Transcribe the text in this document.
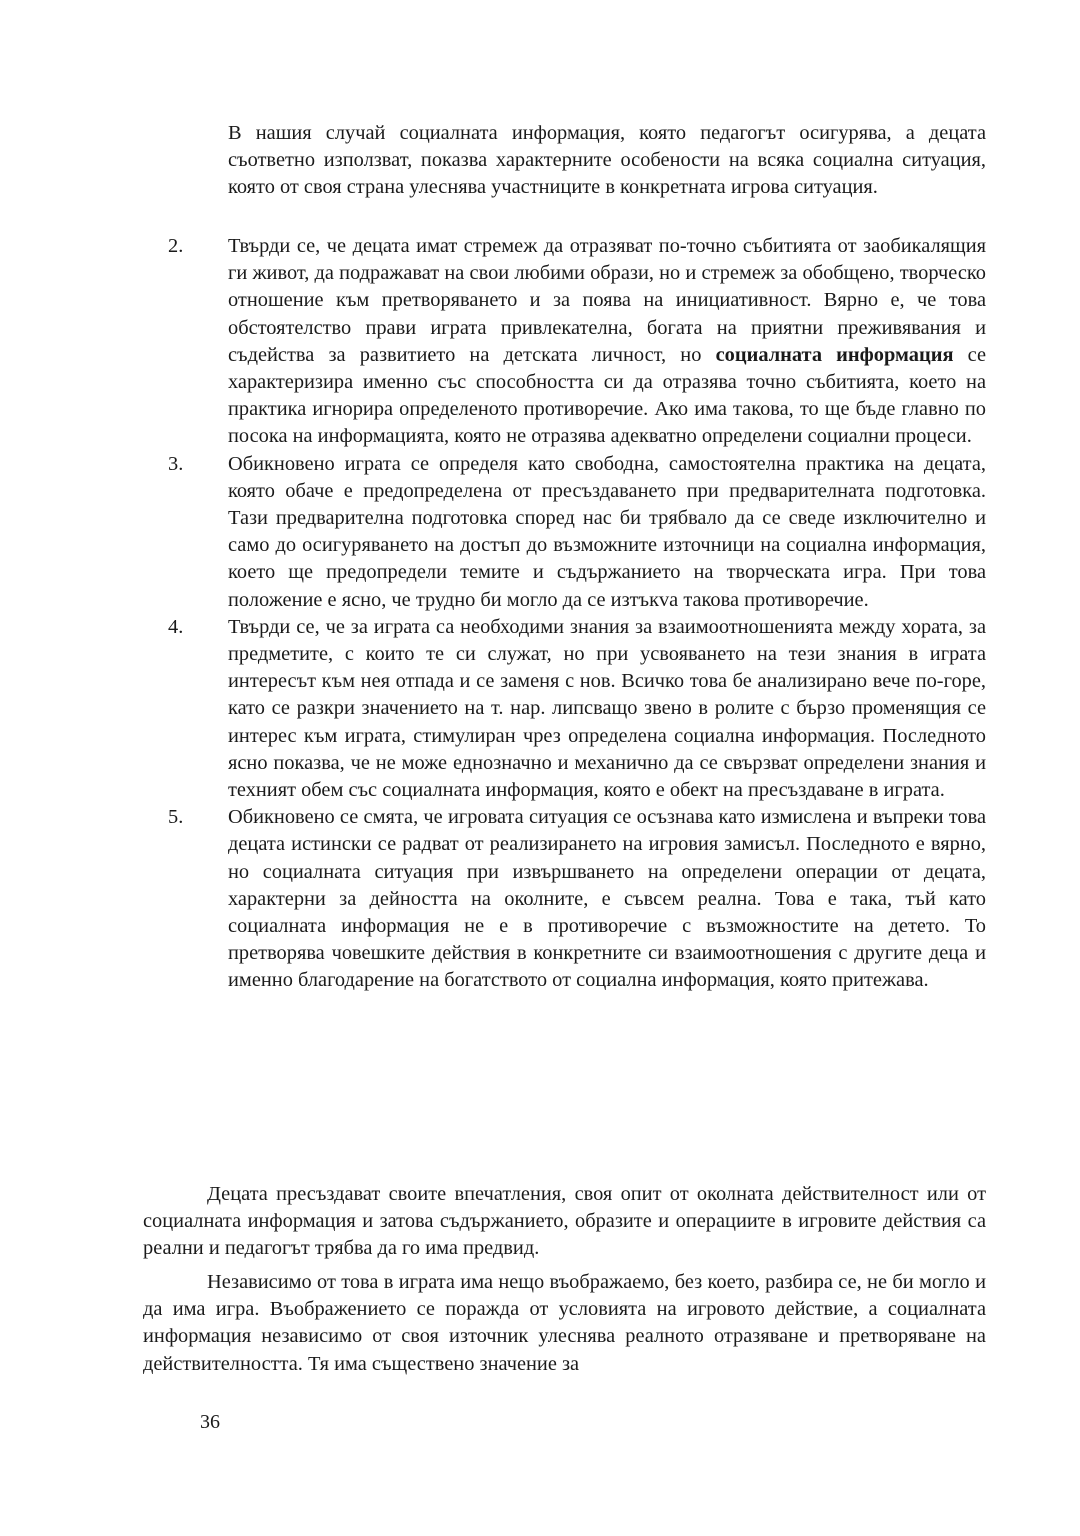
В нашия случай социалната информация, която педагогът осигурява, а децата съответно използват, показва характерните особености на всяка социална ситуация, която от своя страна улеснява участниците в конкретната игрова ситуация.

2. Твърди се, че децата имат стремеж да отразяват по-точно събитията от заобикалящия ги живот, да подражават на свои любими образи, но и стремеж за обобщено, творческо отношение към претворяването и за поява на инициативност. Вярно е, че това обстоятелство прави играта привлекателна, богата на приятни преживявания и съдейства за развитието на детската личност, но социалната информация се характеризира именно със способността си да отразява точно събитията, което на практика игнорира определеното противоречие. Ако има такова, то ще бъде главно по посока на информацията, която не отразява адекватно определени социални процеси.
3. Обикновено играта се определя като свободна, самостоятелна практика на децата, която обаче е предопределена от пресъздаването при предварителната подготовка. Тази предварителна подготовка според нас би трябвало да се сведе изключително и само до осигуряването на достъп до възможните източници на социална информация, което ще предопредели темите и съдържанието на творческата игра. При това положение е ясно, че трудно би могло да се изтъкva такова противоречие.
4. Твърди се, че за играта са необходими знания за взаимоотношенията между хората, за предметите, с които те си служат, но при усвояването на тези знания в играта интересът към нея отпада и се заменя с нов. Всичко това бе анализирано вече по-горе, като се разкри значението на т. нар. липсващо звено в ролите с бързо променящия се интерес към играта, стимулиран чрез определена социална информация. Последното ясно показва, че не може еднозначно и механично да се свързват определени знания и техният обем със социалната информация, която е обект на пресъздаване в играта.
5. Обикновено се смята, че игровата ситуация се осъзнава като измислена и въпреки това децата истински се радват от реализирането на игровия замисъл. Последното е вярно, но социалната ситуация при извършването на определени операции от децата, характерни за дейността на околните, е съвсем реална. Това е така, тъй като социалната информация не е в противоречие с възможностите на детето. То претворява човешките действия в конкретните си взаимоотношения с другите деца и именно благодарение на богатството от социална информация, която притежава.

Децата пресъздават своите впечатления, своя опит от околната действителност или от социалната информация и затова съдържанието, образите и операциите в игровите действия са реални и педагогът трябва да го има предвид.

Независимо от това в играта има нещо въображаемо, без което, разбира се, не би могло и да има игра. Въображението се поражда от условията на игровото действие, а социалната информация независимо от своя източник улеснява реалното отразяване и претворяване на действителността. Тя има съществено значение за

36
